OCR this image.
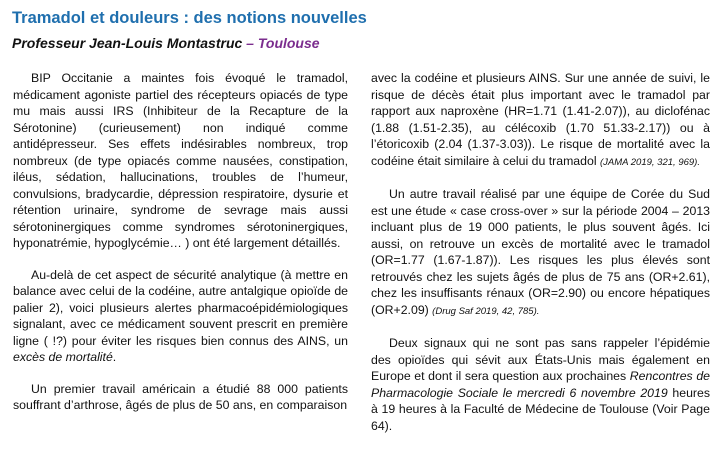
Tramadol et douleurs : des notions nouvelles
Professeur Jean-Louis Montastruc – Toulouse

BIP Occitanie a maintes fois évoqué le tramadol, médicament agoniste partiel des récepteurs opiacés de type mu mais aussi IRS (Inhibiteur de la Recapture de la Sérotonine) (curieusement) non indiqué comme antidépresseur. Ses effets indésirables nombreux, trop nombreux (de type opiacés comme nausées, constipation, iléus, sédation, hallucinations, troubles de l’humeur, convulsions, bradycardie, dépression respiratoire, dysurie et rétention urinaire, syndrome de sevrage mais aussi sérotoninergiques comme syndromes sérotoninergiques, hyponatrémie, hypoglycémie… ) ont été largement détaillés.

Au-delà de cet aspect de sécurité analytique (à mettre en balance avec celui de la codéine, autre antalgique opioïde de palier 2), voici plusieurs alertes pharmacoépidémiologiques signalant, avec ce médicament souvent prescrit en première ligne ( !?) pour éviter les risques bien connus des AINS, un excès de mortalité.

Un premier travail américain a étudié 88 000 patients souffrant d’arthrose, âgés de plus de 50 ans, en comparaison

avec la codéine et plusieurs AINS. Sur une année de suivi, le risque de décès était plus important avec le tramadol par rapport aux naproxène (HR=1.71 (1.41-2.07)), au diclofénac (1.88 (1.51-2.35), au célécoxib (1.70 51.33-2.17)) ou à l’étoricoxib (2.04 (1.37-3.03)). Le risque de mortalité avec la codéine était similaire à celui du tramadol (JAMA 2019, 321, 969).

Un autre travail réalisé par une équipe de Corée du Sud est une étude « case cross-over » sur la période 2004 – 2013 incluant plus de 19 000 patients, le plus souvent âgés. Ici aussi, on retrouve un excès de mortalité avec le tramadol (OR=1.77 (1.67-1.87)). Les risques les plus élevés sont retrouvés chez les sujets âgés de plus de 75 ans (OR+2.61), chez les insuffisants rénaux (OR=2.90) ou encore hépatiques (OR+2.09) (Drug Saf 2019, 42, 785).

Deux signaux qui ne sont pas sans rappeler l’épidémie des opioïdes qui sévit aux États-Unis mais également en Europe et dont il sera question aux prochaines Rencontres de Pharmacologie Sociale le mercredi 6 novembre 2019 heures à 19 heures à la Faculté de Médecine de Toulouse (Voir Page 64).
